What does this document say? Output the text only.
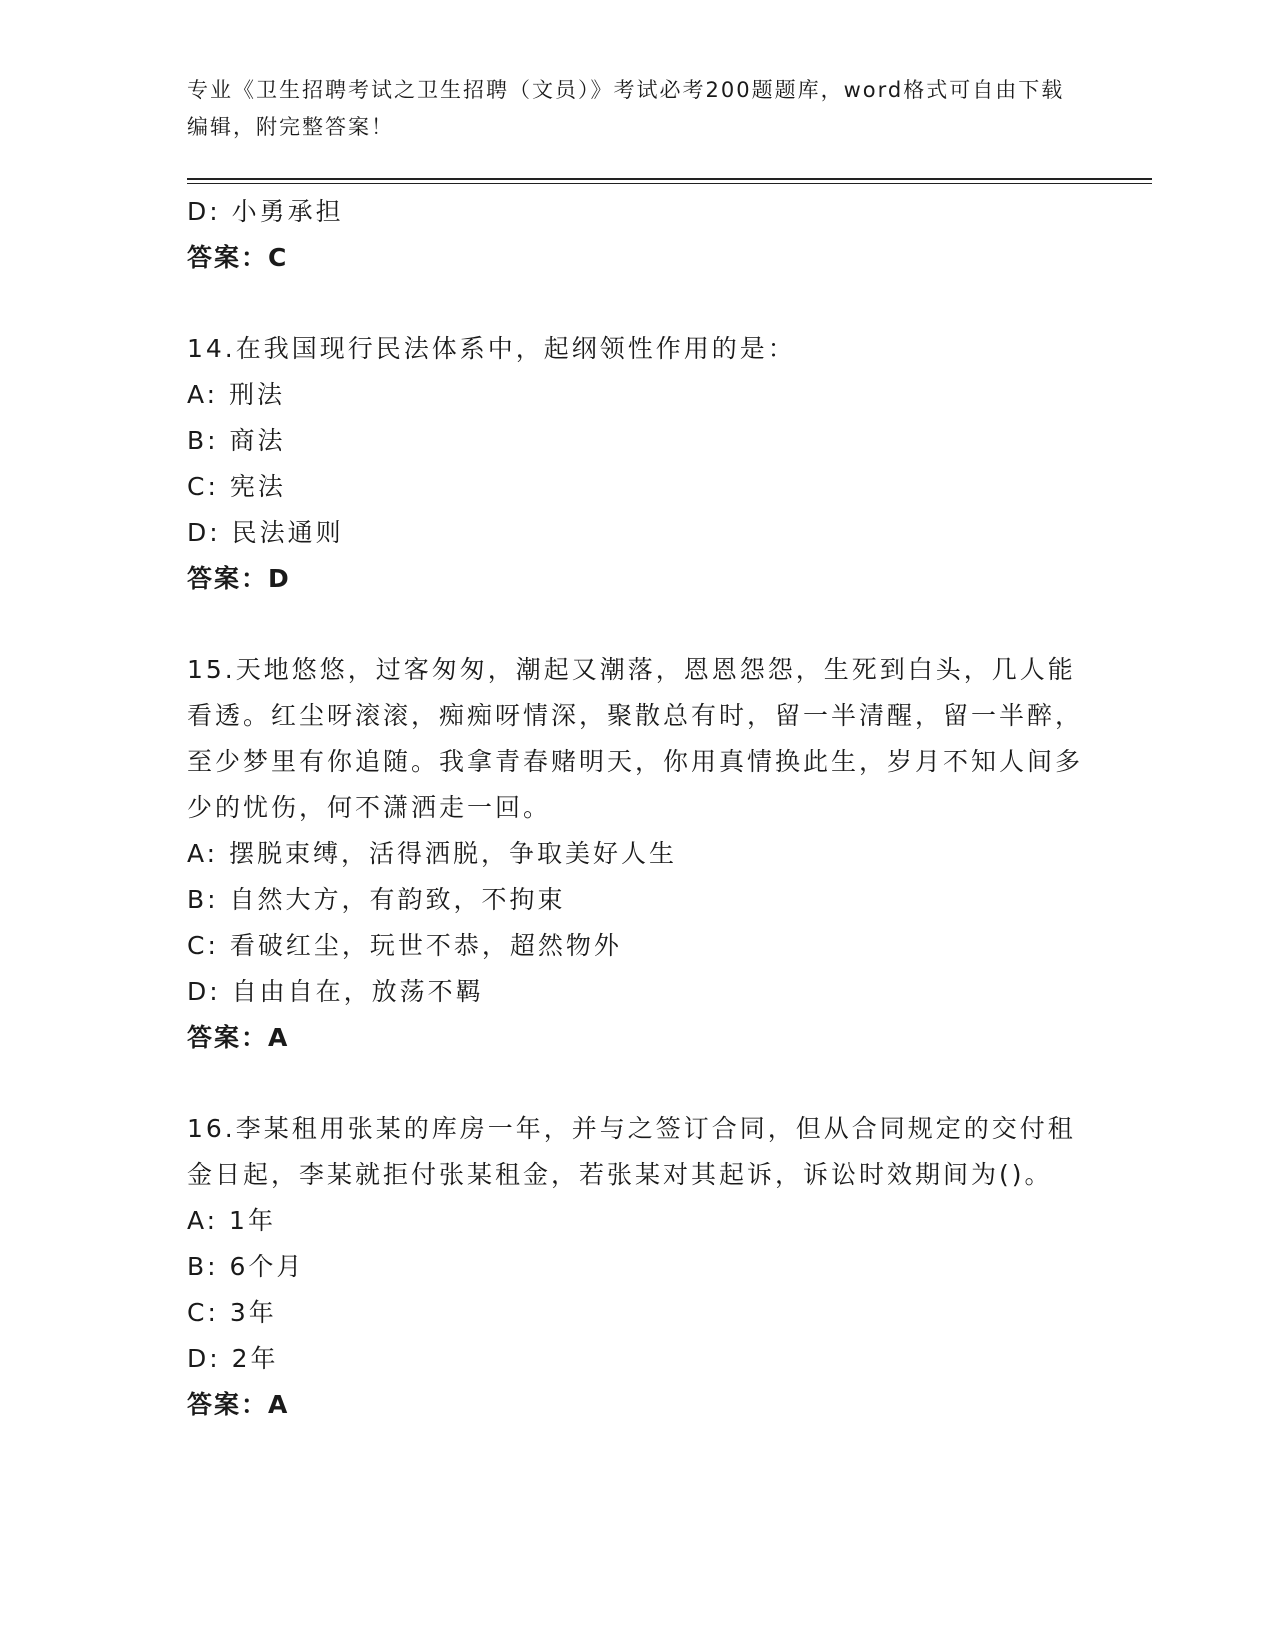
专业《卫生招聘考试之卫生招聘（文员）》考试必考200题题库，word格式可自由下载编辑，附完整答案！
D: 小勇承担
答案：C
14.在我国现行民法体系中，起纲领性作用的是：
A: 刑法
B: 商法
C: 宪法
D: 民法通则
答案：D
15.天地悠悠，过客匆匆，潮起又潮落，恩恩怨怨，生死到白头，几人能看透。红尘呀滚滚，痴痴呀情深，聚散总有时，留一半清醒，留一半醉，至少梦里有你追随。我拿青春赌明天，你用真情换此生，岁月不知人间多少的忧伤，何不潇洒走一回。
A: 摆脱束缚，活得洒脱，争取美好人生
B: 自然大方，有韵致，不拘束
C: 看破红尘，玩世不恭，超然物外
D: 自由自在，放荡不羁
答案：A
16.李某租用张某的库房一年，并与之签订合同，但从合同规定的交付租金日起，李某就拒付张某租金，若张某对其起诉，诉讼时效期间为()。
A: 1年
B: 6个月
C: 3年
D: 2年
答案：A
